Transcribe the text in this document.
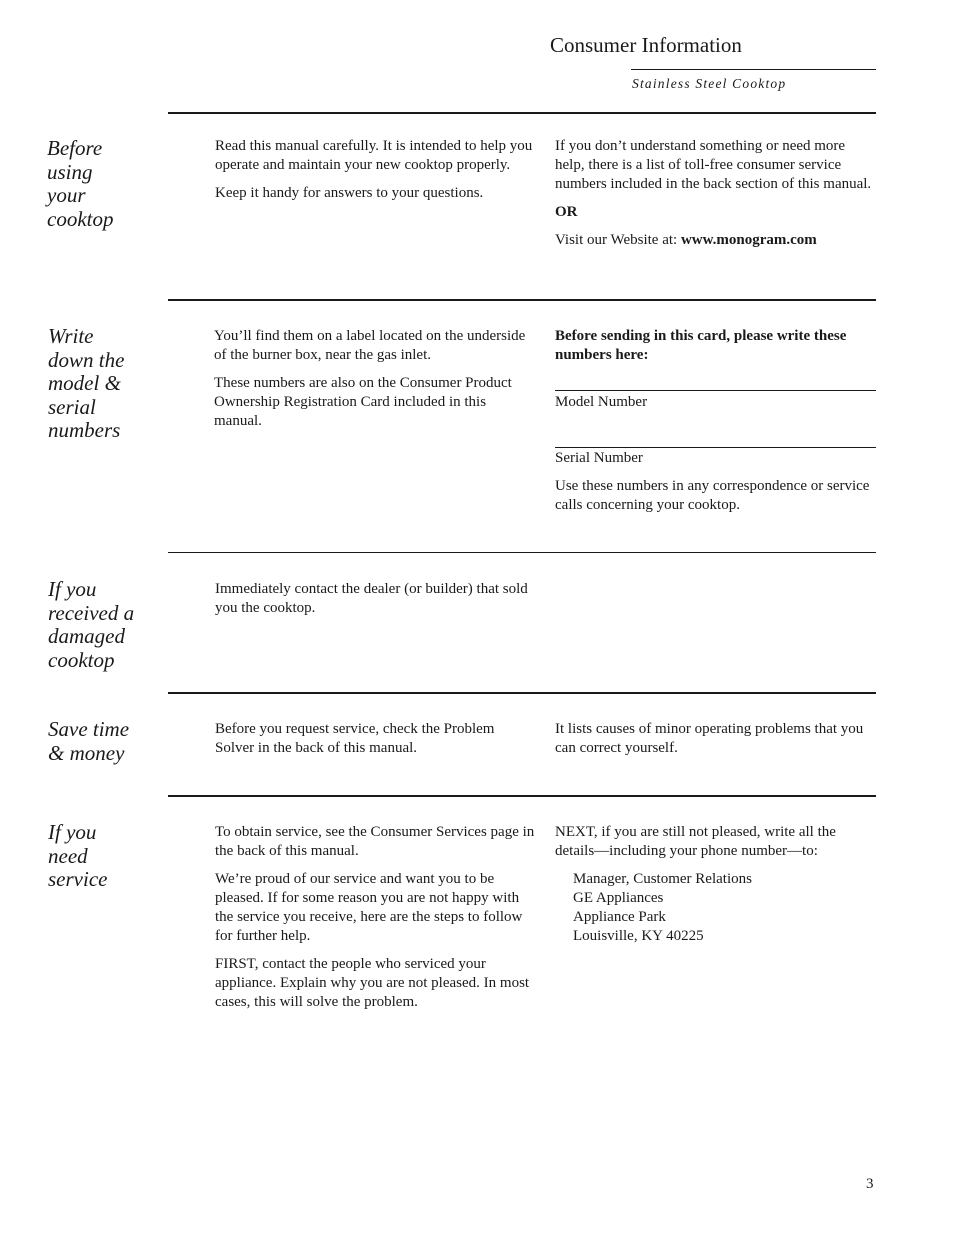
Consumer Information
Stainless Steel Cooktop
Before
using
your
cooktop

Read this manual carefully. It is intended to help you operate and maintain your new cooktop properly.

Keep it handy for answers to your questions.

If you don’t understand something or need more help, there is a list of toll-free consumer service numbers included in the back section of this manual.

OR

Visit our Website at: www.monogram.com

Write
down the
model &
serial
numbers

You’ll find them on a label located on the underside of the burner box, near the gas inlet.

These numbers are also on the Consumer Product Ownership Registration Card included in this manual.

Before sending in this card, please write these numbers here:

Model Number
Serial Number
Use these numbers in any correspondence or service calls concerning your cooktop.
If you
received a
damaged
cooktop

Immediately contact the dealer (or builder) that sold you the cooktop.

Save time
& money

Before you request service, check the Problem Solver in the back of this manual.

It lists causes of minor operating problems that you can correct yourself.

If you
need
service

To obtain service, see the Consumer Services page in the back of this manual.

We’re proud of our service and want you to be pleased. If for some reason you are not happy with the service you receive, here are the steps to follow for further help.

FIRST, contact the people who serviced your appliance. Explain why you are not pleased. In most cases, this will solve the problem.

NEXT, if you are still not pleased, write all the details—including your phone number—to:

Manager, Customer Relations
GE Appliances
Appliance Park
Louisville, KY 40225

3
